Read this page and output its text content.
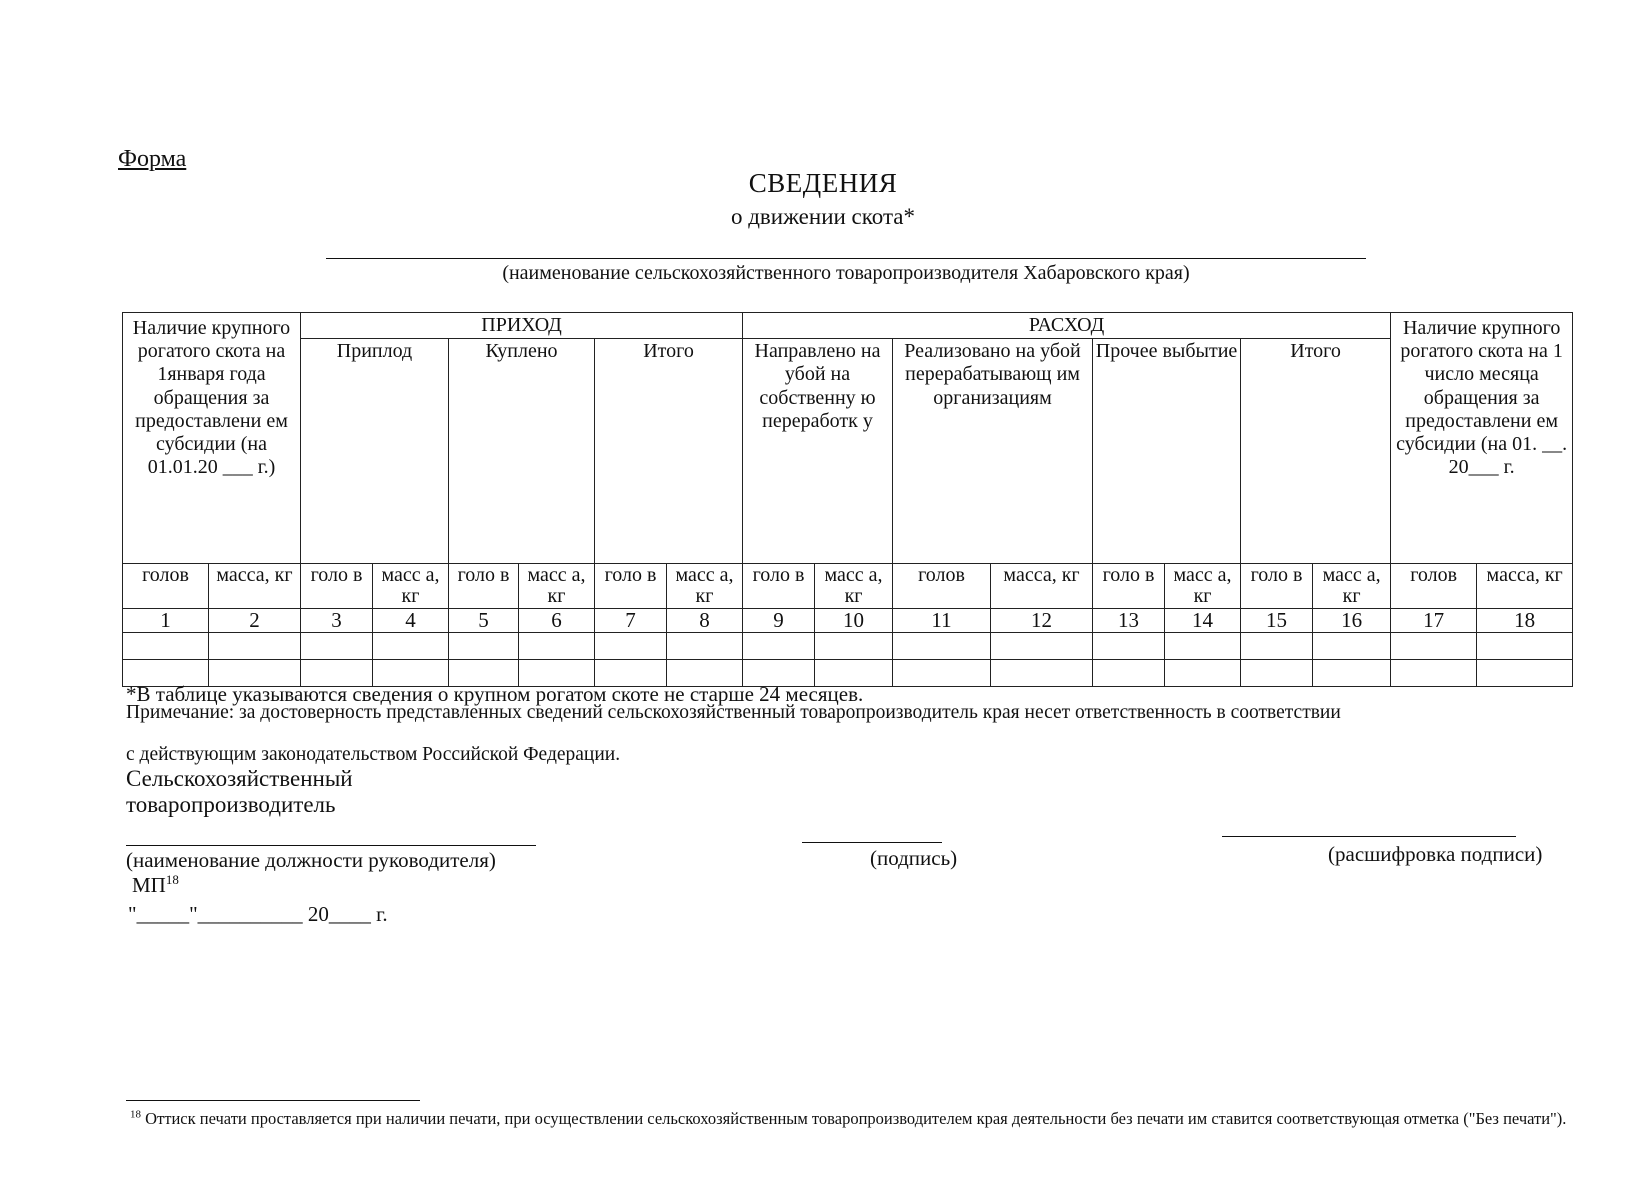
Форма
СВЕДЕНИЯ
о движении скота*
(наименование сельскохозяйственного товаропроизводителя Хабаровского края)
Наличие крупного рогатого скота на 1января года обращения за предоставлени ем субсидии (на 01.01.20 ___ г.)		ПРИХОД						РАСХОД								Наличие крупного рогатого скота на 1 число месяца обращения за предоставлени ем субсидии (на 01. __. 20___ г.	
		Приплод		Куплено		Итого		Направлено на убой на собственну ю переработк у		Реализовано на убой перерабатывающ им организациям		Прочее выбытие		Итого			
голов	масса, кг	голо в	масс а, кг	голо в	масс а, кг	голо в	масс а, кг	голо в	масс а, кг	голов	масса, кг	голо в	масс а, кг	голо в	масс а, кг	голов	масса, кг
1	2	3	4	5	6	7	8	9	10	11	12	13	14	15	16	17	18

*В таблице указываются сведения о крупном рогатом скоте не старше 24 месяцев.
Примечание: за достоверность представленных сведений сельскохозяйственный товаропроизводитель края несет ответственность в соответствии
с действующим законодательством Российской Федерации.
Сельскохозяйственный
товаропроизводитель
(наименование должности руководителя)	(подпись)	(расшифровка подписи)
МП$^{18}$
"_____"__________ 20____ г.
$^{18}$ Оттиск печати проставляется при наличии печати, при осуществлении сельскохозяйственным товаропроизводителем края деятельности без печати им ставится соответствующая отметка ("Без печати").
